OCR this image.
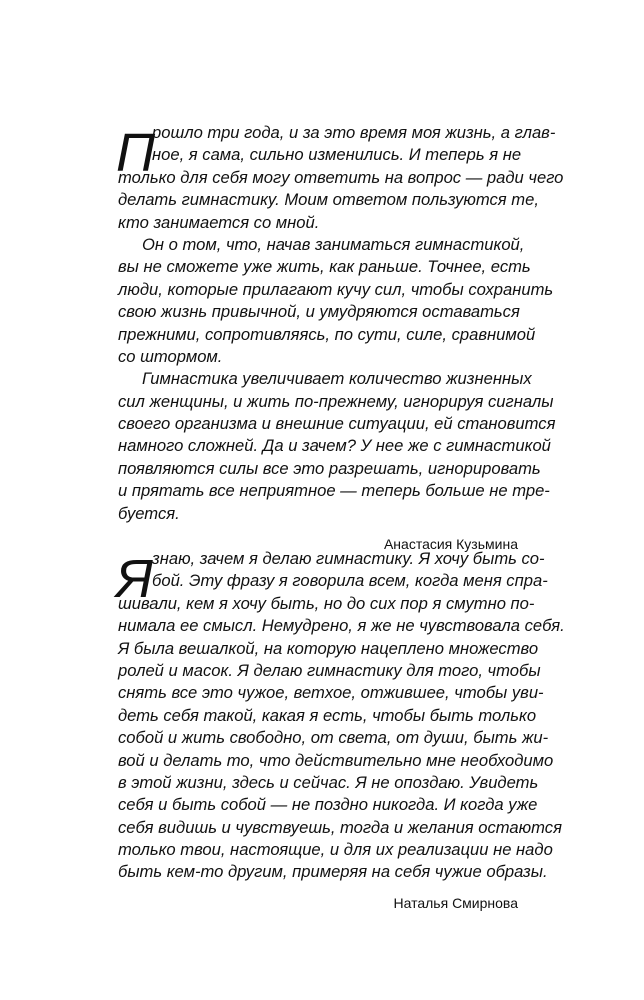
П
рошло три года, и за это время моя жизнь, а глав-
ное, я сама, сильно изменились. И теперь я не
только для себя могу ответить на вопрос — ради чего
делать гимнастику. Моим ответом пользуются те,
кто занимается со мной.
Он о том, что, начав заниматься гимнастикой,
вы не сможете уже жить, как раньше. Точнее, есть
люди, которые прилагают кучу сил, чтобы сохранить
свою жизнь привычной, и умудряются оставаться
прежними, сопротивляясь, по сути, силе, сравнимой
со штормом.
Гимнастика увеличивает количество жизненных
сил женщины, и жить по-прежнему, игнорируя сигналы
своего организма и внешние ситуации, ей становится
намного сложней. Да и зачем? У нее же с гимнастикой
появляются силы все это разрешать, игнорировать
и прятать все неприятное — теперь больше не тре-
буется.
Анастасия Кузьмина
Я знаю, зачем я делаю гимнастику. Я хочу быть со-
бой. Эту фразу я говорила всем, когда меня спра-
шивали, кем я хочу быть, но до сих пор я смутно по-
нимала ее смысл. Немудрено, я же не чувствовала себя.
Я была вешалкой, на которую нацеплено множество
ролей и масок. Я делаю гимнастику для того, чтобы
снять все это чужое, ветхое, отжившее, чтобы уви-
деть себя такой, какая я есть, чтобы быть только
собой и жить свободно, от света, от души, быть жи-
вой и делать то, что действительно мне необходимо
в этой жизни, здесь и сейчас. Я не опоздаю. Увидеть
себя и быть собой — не поздно никогда. И когда уже
себя видишь и чувствуешь, тогда и желания остаются
только твои, настоящие, и для их реализации не надо
быть кем-то другим, примеряя на себя чужие образы.
Наталья Смирнова
